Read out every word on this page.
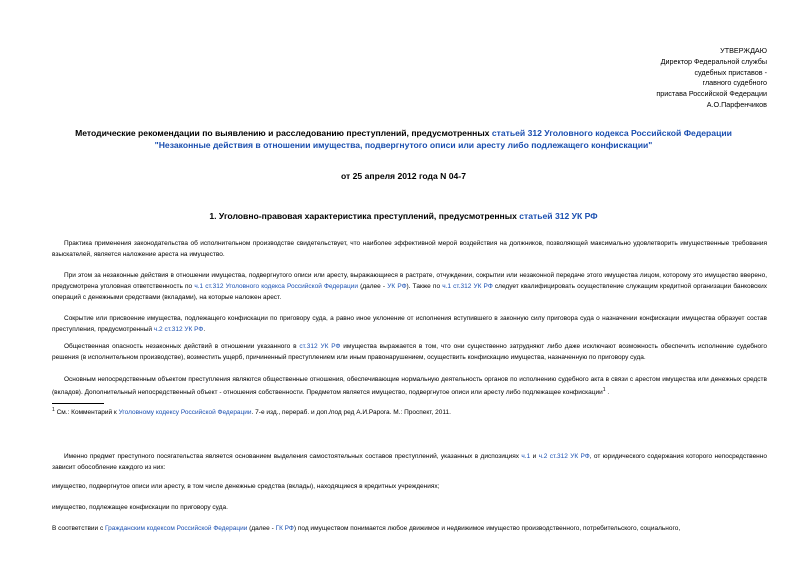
УТВЕРЖДАЮ
Директор Федеральной службы
судебных приставов -
главного судебного
пристава Российской Федерации
А.О.Парфенчиков
Методические рекомендации по выявлению и расследованию преступлений, предусмотренных статьей 312 Уголовного кодекса Российской Федерации
"Незаконные действия в отношении имущества, подвергнутого описи или аресту либо подлежащего конфискации"
от 25 апреля 2012 года N 04-7
1. Уголовно-правовая характеристика преступлений, предусмотренных статьей 312 УК РФ
Практика применения законодательства об исполнительном производстве свидетельствует, что наиболее эффективной мерой воздействия на должников, позволяющей максимально удовлетворить имущественные требования взыскателей, является наложение ареста на имущество.
При этом за незаконные действия в отношении имущества, подвергнутого описи или аресту, выражающиеся в растрате, отчуждении, сокрытии или незаконной передаче этого имущества лицом, которому это имущество вверено, предусмотрена уголовная ответственность по ч.1 ст.312 Уголовного кодекса Российской Федерации (далее - УК РФ). Также по ч.1 ст.312 УК РФ следует квалифицировать осуществление служащим кредитной организации банковских операций с денежными средствами (вкладами), на которые наложен арест.
Сокрытие или присвоение имущества, подлежащего конфискации по приговору суда, а равно иное уклонение от исполнения вступившего в законную силу приговора суда о назначении конфискации имущества образует состав преступления, предусмотренный ч.2 ст.312 УК РФ.
Общественная опасность незаконных действий в отношении указанного в ст.312 УК РФ имущества выражается в том, что они существенно затрудняют либо даже исключают возможность обеспечить исполнение судебного решения (в исполнительном производстве), возместить ущерб, причиненный преступлением или иным правонарушением, осуществить конфискацию имущества, назначенную по приговору суда.
Основным непосредственным объектом преступления являются общественные отношения, обеспечивающие нормальную деятельность органов по исполнению судебного акта в связи с арестом имущества или денежных средств (вкладов). Дополнительный непосредственный объект - отношения собственности. Предметом является имущество, подвергнутое описи или аресту либо подлежащее конфискации$^1$ .
$^1$ См.: Комментарий к Уголовному кодексу Российской Федерации. 7-е изд., перераб. и доп./под ред А.И.Рарога. М.: Проспект, 2011.
Именно предмет преступного посягательства является основанием выделения самостоятельных составов преступлений, указанных в диспозициях ч.1 и ч.2 ст.312 УК РФ, от юридического содержания которого непосредственно зависит обособление каждого из них:
имущество, подвергнутое описи или аресту, в том числе денежные средства (вклады), находящиеся в кредитных учреждениях;
имущество, подлежащее конфискации по приговору суда.
В соответствии с Гражданским кодексом Российской Федерации (далее - ГК РФ) под имуществом понимается любое движимое и недвижимое имущество производственного, потребительского, социального,
